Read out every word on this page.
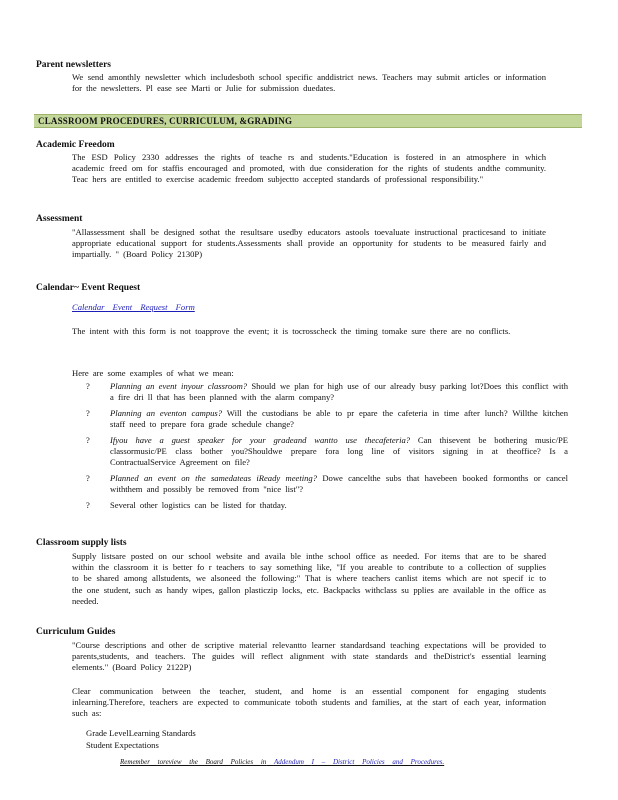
Parent newsletters
We send amonthly newsletter which includesboth school specific anddistrict news. Teachers may submit articles or information for the newsletters. Pl ease see Marti or Julie for submission duedates.
CLASSROOM PROCEDURES, CURRICULUM, &GRADING
Academic Freedom
The ESD Policy 2330 addresses the rights of teache rs and students."Education is fostered in an atmosphere in which academic freed om for staffis encouraged and promoted, with due consideration for the rights of students andthe community. Teac hers are entitled to exercise academic freedom subjectto accepted standards of professional responsibility."
Assessment
"Allassessment shall be designed sothat the resultsare usedby educators astools toevaluate instructional practicesand to initiate appropriate educational support for students.Assessments shall provide an opportunity for students to be measured fairly and impartially. " (Board Policy 2130P)
Calendar~ Event Request
Calendar Event Request Form
The intent with this form is not toapprove the event; it is tocrosscheck the timing tomake sure there are no conflicts.
Here are some examples of what we mean:
? Planning an event inyour classroom? Should we plan for high use of our already busy parking lot?Does this conflict with a fire dri ll that has been planned with the alarm company?
? Planning an eventon campus? Will the custodians be able to pr epare the cafeteria in time after lunch? Willthe kitchen staff need to prepare fora grade schedule change?
? Ifyou have a guest speaker for your gradeand wantto use thecafeteria? Can thisevent be bothering music/PE classormusic/PE class bother you?Shouldwe prepare fora long line of visitors signing in at theoffice? Is a ContractualService Agreement on file?
? Planned an event on the samedateas iReady meeting? Dowe cancelthe subs that havebeen booked formonths or cancel withthem and possibly be removed from "nice list"?
? Several other logistics can be listed for thatday.
Classroom supply lists
Supply listsare posted on our school website and availa ble inthe school office as needed. For items that are to be shared within the classroom it is better fo r teachers to say something like, "If you areable to contribute to a collection of supplies to be shared among allstudents, we alsoneed the following:" That is where teachers canlist items which are not specif ic to the one student, such as handy wipes, gallon plasticzip locks, etc. Backpacks withclass su pplies are available in the office as needed.
Curriculum Guides
"Course descriptions and other de scriptive material relevantto learner standardsand teaching expectations will be provided to parents,students, and teachers. The guides will reflect alignment with state standards and theDistrict's essential learning elements." (Board Policy 2122P)
Clear communication between the teacher, student, and home is an essential component for engaging students inlearning.Therefore, teachers are expected to communicate toboth students and families, at the start of each year, information such as:
Grade LevelLearning Standards
Student Expectations
Remember toreview the Board Policies in Addendum I – District Policies and Procedures.
